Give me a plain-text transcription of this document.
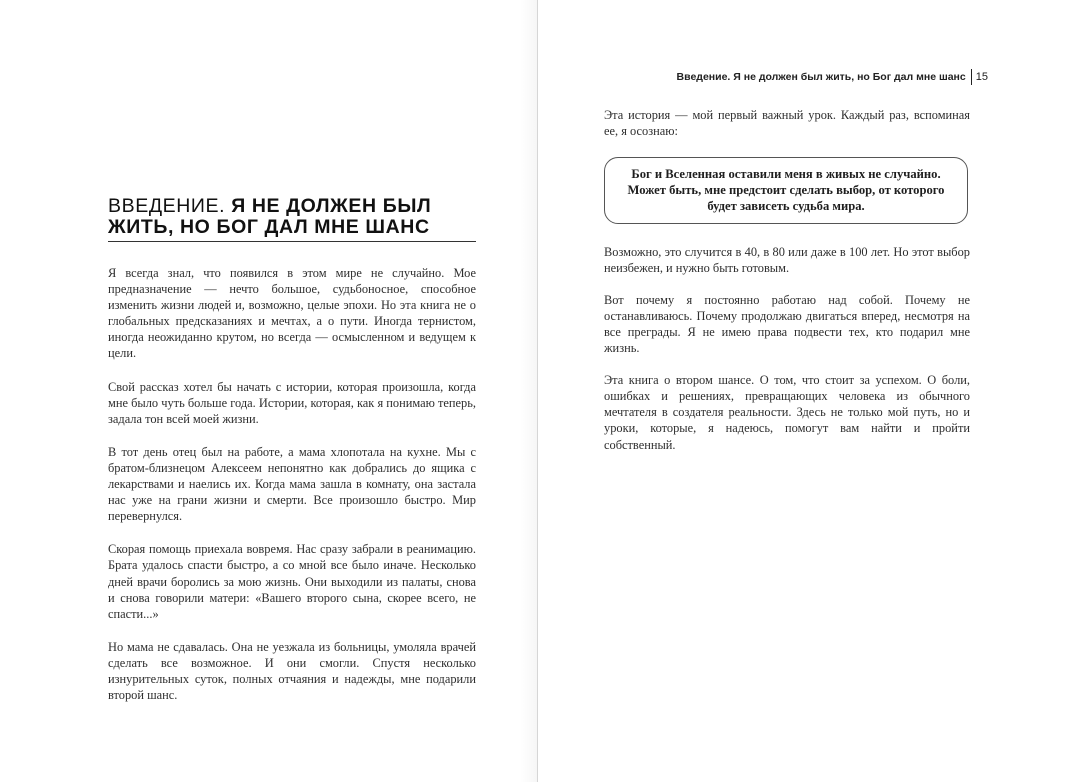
ВВЕДЕНИЕ. Я НЕ ДОЛЖЕН БЫЛ ЖИТЬ, НО БОГ ДАЛ МНЕ ШАНС

Я всегда знал, что появился в этом мире не случайно. Мое предназначение — нечто большое, судьбоносное, способное изменить жизни людей и, возможно, целые эпохи. Но эта книга не о глобальных предсказаниях и мечтах, а о пути. Иногда тернистом, иногда неожиданно крутом, но всегда — осмысленном и ведущем к цели.

Свой рассказ хотел бы начать с истории, которая произошла, когда мне было чуть больше года. Истории, которая, как я понимаю теперь, задала тон всей моей жизни.

В тот день отец был на работе, а мама хлопотала на кухне. Мы с братом-близнецом Алексеем непонятно как добрались до ящика с лекарствами и наелись их. Когда мама зашла в комнату, она застала нас уже на грани жизни и смерти. Все произошло быстро. Мир перевернулся.

Скорая помощь приехала вовремя. Нас сразу забрали в реанимацию. Брата удалось спасти быстро, а со мной все было иначе. Несколько дней врачи боролись за мою жизнь. Они выходили из палаты, снова и снова говорили матери: «Вашего второго сына, скорее всего, не спасти...»

Но мама не сдавалась. Она не уезжала из больницы, умоляла врачей сделать все возможное. И они смогли. Спустя несколько изнурительных суток, полных отчаяния и надежды, мне подарили второй шанс.

Введение. Я не должен был жить, но Бог дал мне шанс 15

Эта история — мой первый важный урок. Каждый раз, вспоминая ее, я осознаю:

Бог и Вселенная оставили меня в живых не случайно. Может быть, мне предстоит сделать выбор, от которого будет зависеть судьба мира.

Возможно, это случится в 40, в 80 или даже в 100 лет. Но этот выбор неизбежен, и нужно быть готовым.

Вот почему я постоянно работаю над собой. Почему не останавливаюсь. Почему продолжаю двигаться вперед, несмотря на все преграды. Я не имею права подвести тех, кто подарил мне жизнь.

Эта книга о втором шансе. О том, что стоит за успехом. О боли, ошибках и решениях, превращающих человека из обычного мечтателя в создателя реальности. Здесь не только мой путь, но и уроки, которые, я надеюсь, помогут вам найти и пройти собственный.
